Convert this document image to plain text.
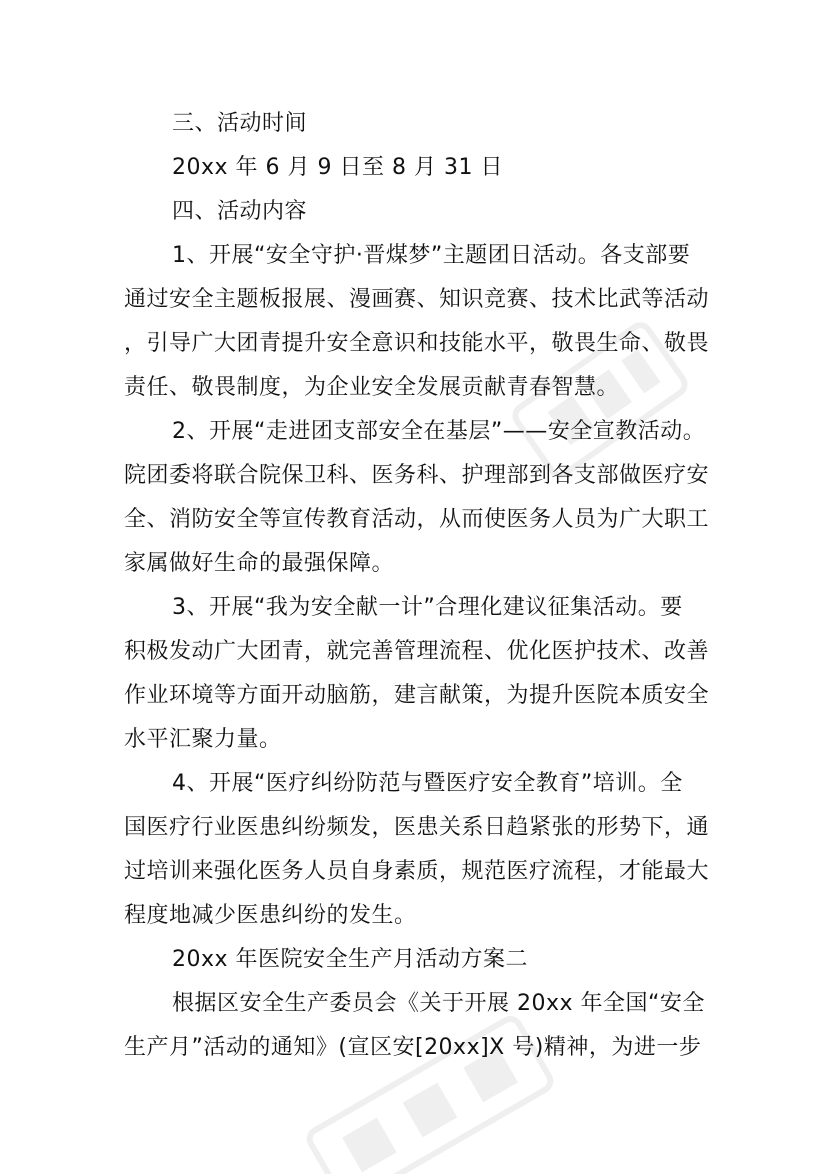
三、活动时间
20xx 年 6 月 9 日至 8 月 31 日
四、活动内容
1、开展“安全守护·晋煤梦”主题团日活动。各支部要
通过安全主题板报展、漫画赛、知识竞赛、技术比武等活动
，引导广大团青提升安全意识和技能水平，敬畏生命、敬畏
责任、敬畏制度，为企业安全发展贡献青春智慧。
2、开展“走进团支部安全在基层”——安全宣教活动。
院团委将联合院保卫科、医务科、护理部到各支部做医疗安
全、消防安全等宣传教育活动，从而使医务人员为广大职工
家属做好生命的最强保障。
3、开展“我为安全献一计”合理化建议征集活动。要
积极发动广大团青，就完善管理流程、优化医护技术、改善
作业环境等方面开动脑筋，建言献策，为提升医院本质安全
水平汇聚力量。
4、开展“医疗纠纷防范与暨医疗安全教育”培训。全
国医疗行业医患纠纷频发，医患关系日趋紧张的形势下，通
过培训来强化医务人员自身素质，规范医疗流程，才能最大
程度地减少医患纠纷的发生。
20xx 年医院安全生产月活动方案二
根据区安全生产委员会《关于开展 20xx 年全国“安全
生产月”活动的通知》(宣区安[20xx]X 号)精神，为进一步
